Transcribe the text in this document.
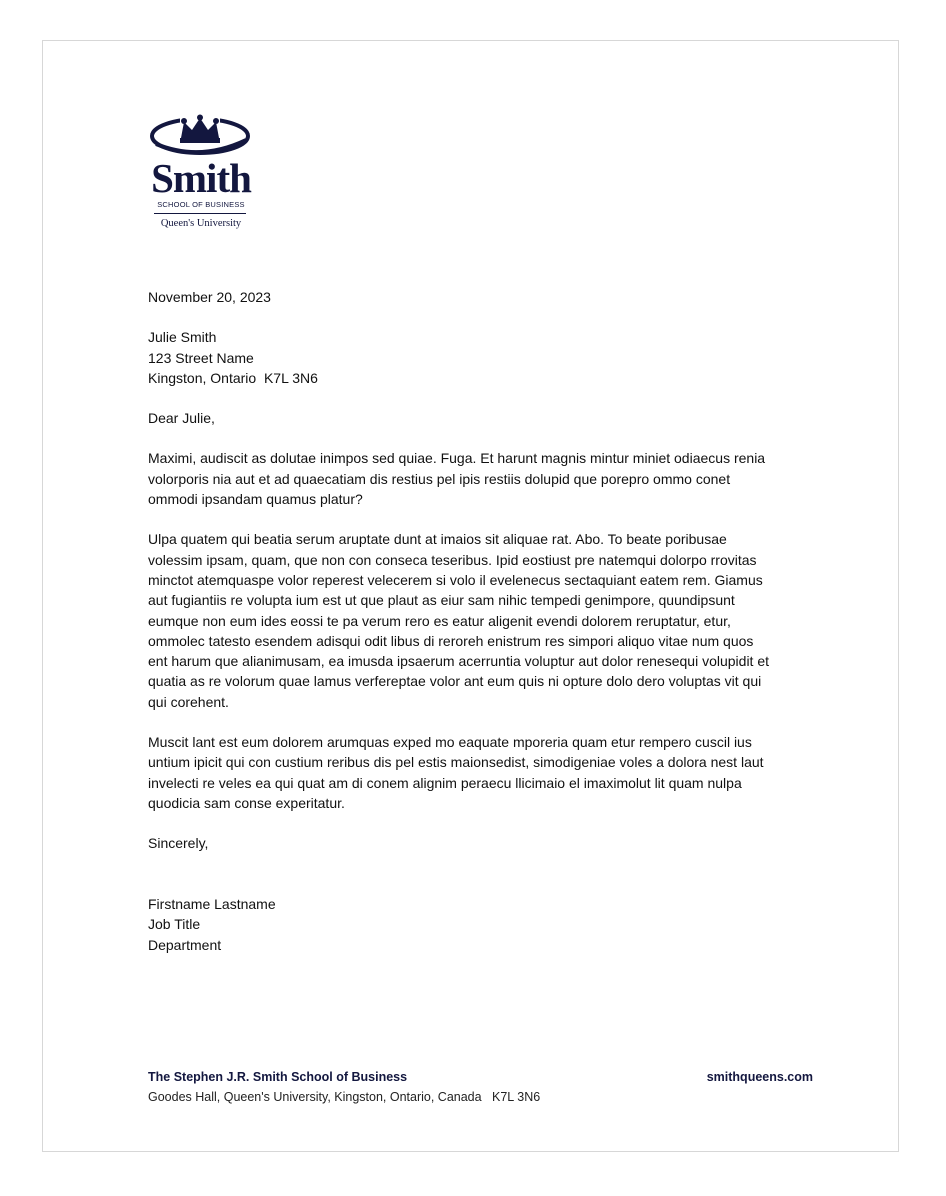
Smith
SCHOOL OF BUSINESS
Queen's University

November 20, 2023

Julie Smith
123 Street Name
Kingston, Ontario  K7L 3N6

Dear Julie,

Maximi, audiscit as dolutae inimpos sed quiae. Fuga. Et harunt magnis mintur miniet odiaecus renia volorporis nia aut et ad quaecatiam dis restius pel ipis restiis dolupid que porepro ommo conet ommodi ipsandam quamus platur?

Ulpa quatem qui beatia serum aruptate dunt at imaios sit aliquae rat. Abo. To beate poribusae volessim ipsam, quam, que non con conseca teseribus. Ipid eostiust pre natemqui dolorpo rrovitas minctot atemquaspe volor reperest velecerem si volo il evelenecus sectaquiant eatem rem. Giamus aut fugiantiis re volupta ium est ut que plaut as eiur sam nihic tempedi genimpore, quundipsunt eumque non eum ides eossi te pa verum rero es eatur aligenit evendi dolorem reruptatur, etur, ommolec tatesto esendem adisqui odit libus di reroreh enistrum res simpori aliquo vitae num quos ent harum que alianimusam, ea imusda ipsaerum acerruntia voluptur aut dolor renesequi volupidit et quatia as re volorum quae lamus verfereptae volor ant eum quis ni opture dolo dero voluptas vit qui qui corehent.

Muscit lant est eum dolorem arumquas exped mo eaquate mporeria quam etur rempero cuscil ius untium ipicit qui con custium reribus dis pel estis maionsedist, simodigeniae voles a dolora nest laut invelecti re veles ea qui quat am di conem alignim peraecu llicimaio el imaximolut lit quam nulpa quodicia sam conse experitatur.

Sincerely,

Firstname Lastname
Job Title
Department

The Stephen J.R. Smith School of Business
Goodes Hall, Queen's University, Kingston, Ontario, Canada   K7L 3N6
smithqueens.com
